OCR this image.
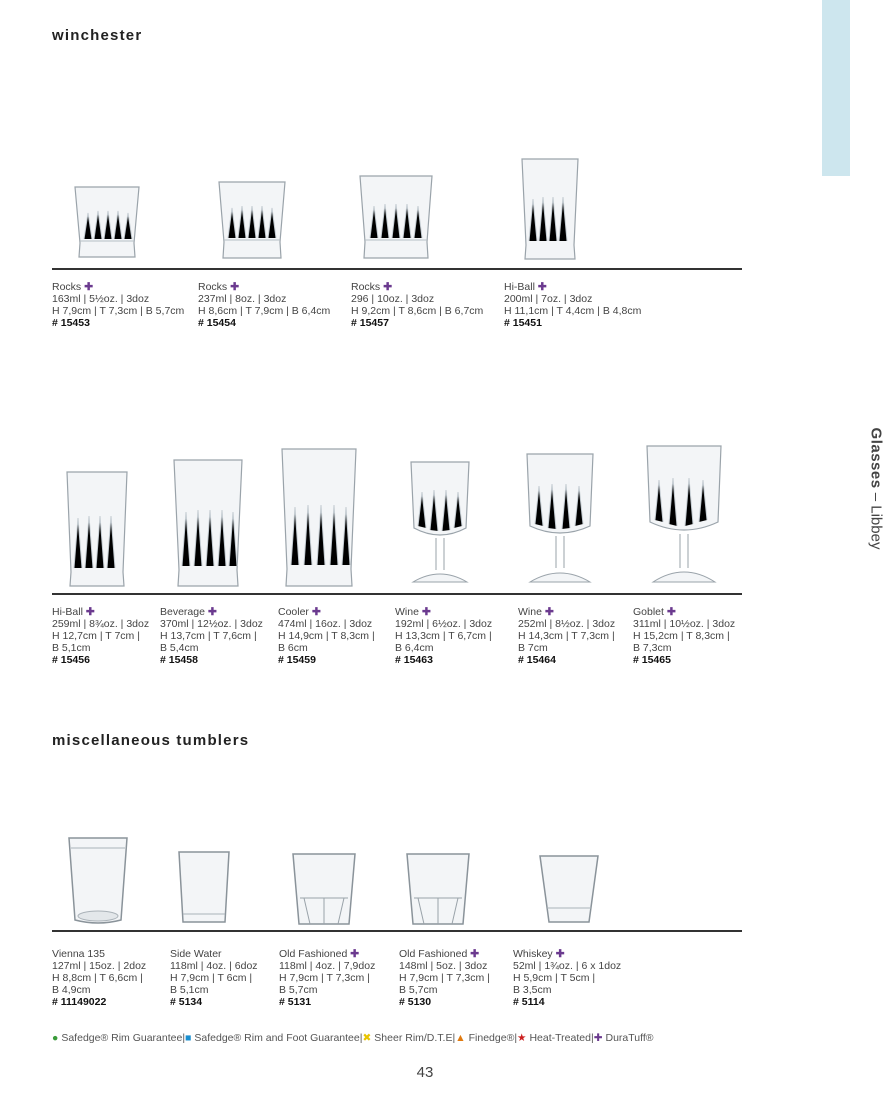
Glasses – Libbey
winchester
miscellaneous tumblers
Rocks ✚
163ml | 5½oz. | 3doz
H 7,9cm | T 7,3cm | B 5,7cm
# 15453
Rocks ✚
237ml | 8oz. | 3doz
H 8,6cm | T 7,9cm | B 6,4cm
# 15454
Rocks ✚
296 | 10oz. | 3doz
H 9,2cm | T 8,6cm | B 6,7cm
# 15457
Hi-Ball ✚
200ml | 7oz. | 3doz
H 11,1cm | T 4,4cm | B 4,8cm
# 15451
Hi-Ball ✚
259ml | 8¾oz. | 3doz
H 12,7cm | T 7cm |
B 5,1cm
# 15456
Beverage ✚
370ml | 12½oz. | 3doz
H 13,7cm | T 7,6cm |
B 5,4cm
# 15458
Cooler ✚
474ml | 16oz. | 3doz
H 14,9cm | T 8,3cm |
B 6cm
# 15459
Wine ✚
192ml | 6½oz. | 3doz
H 13,3cm | T 6,7cm |
B 6,4cm
# 15463
Wine ✚
252ml | 8½oz. | 3doz
H 14,3cm | T 7,3cm |
B 7cm
# 15464
Goblet ✚
311ml | 10½oz. | 3doz
H 15,2cm | T 8,3cm |
B 7,3cm
# 15465
Vienna 135
127ml | 15oz. | 2doz
H 8,8cm | T 6,6cm |
B 4,9cm
# 11149022
Side Water
118ml | 4oz. | 6doz
H 7,9cm | T 6cm |
B 5,1cm
# 5134
Old Fashioned ✚
118ml | 4oz. | 7,9doz
H 7,9cm | T 7,3cm |
B 5,7cm
# 5131
Old Fashioned ✚
148ml | 5oz. | 3doz
H 7,9cm | T 7,3cm |
B 5,7cm
# 5130
Whiskey ✚
52ml | 1¾oz. | 6 x 1doz
H 5,9cm | T 5cm |
B 3,5cm
# 5114
● Safedge® Rim Guarantee|■ Safedge® Rim and Foot Guarantee|✖ Sheer Rim/D.T.E|▲ Finedge®|★ Heat-Treated|✚ DuraTuff®
43
